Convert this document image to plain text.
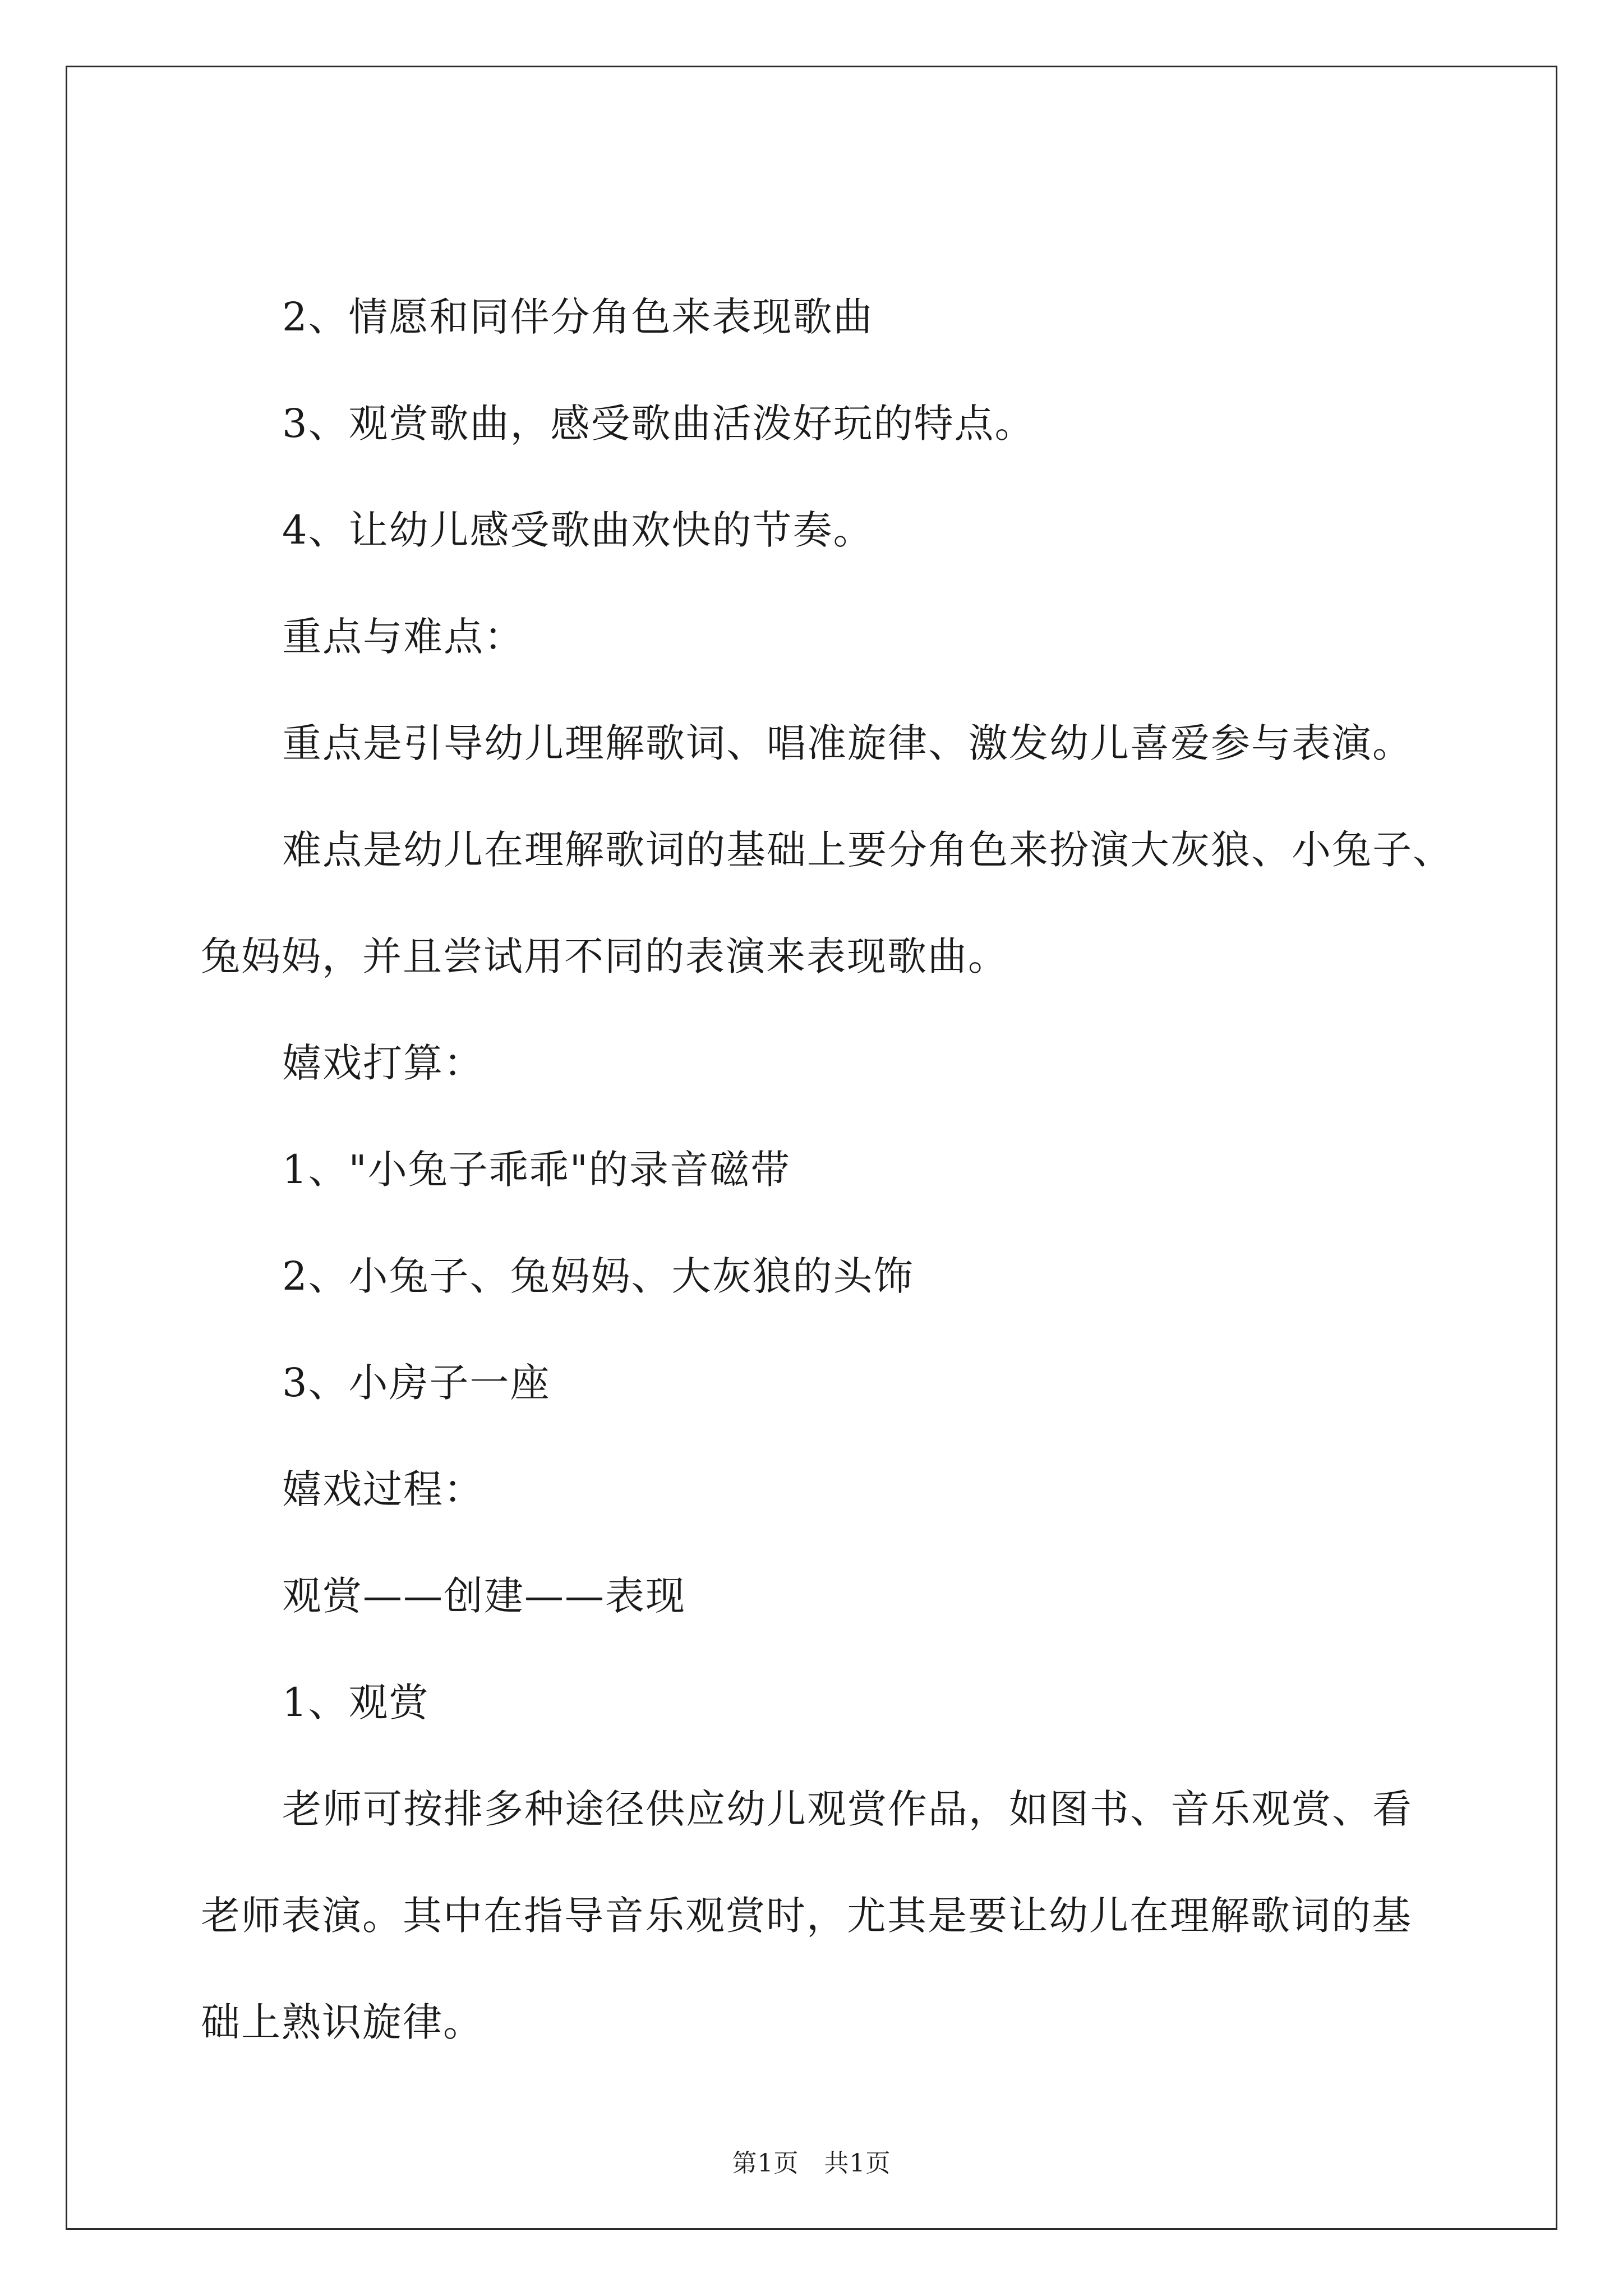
2、情愿和同伴分角色来表现歌曲

3、观赏歌曲，感受歌曲活泼好玩的特点。

4、让幼儿感受歌曲欢快的节奏。

重点与难点：

重点是引导幼儿理解歌词、唱准旋律、激发幼儿喜爱参与表演。

难点是幼儿在理解歌词的基础上要分角色来扮演大灰狼、小兔子、

兔妈妈，并且尝试用不同的表演来表现歌曲。

嬉戏打算：

1、"小兔子乖乖"的录音磁带

2、小兔子、兔妈妈、大灰狼的头饰

3、小房子一座

嬉戏过程：

观赏——创建——表现

1、观赏

老师可按排多种途径供应幼儿观赏作品，如图书、音乐观赏、看

老师表演。其中在指导音乐观赏时，尤其是要让幼儿在理解歌词的基

础上熟识旋律。

第1页　共1页
